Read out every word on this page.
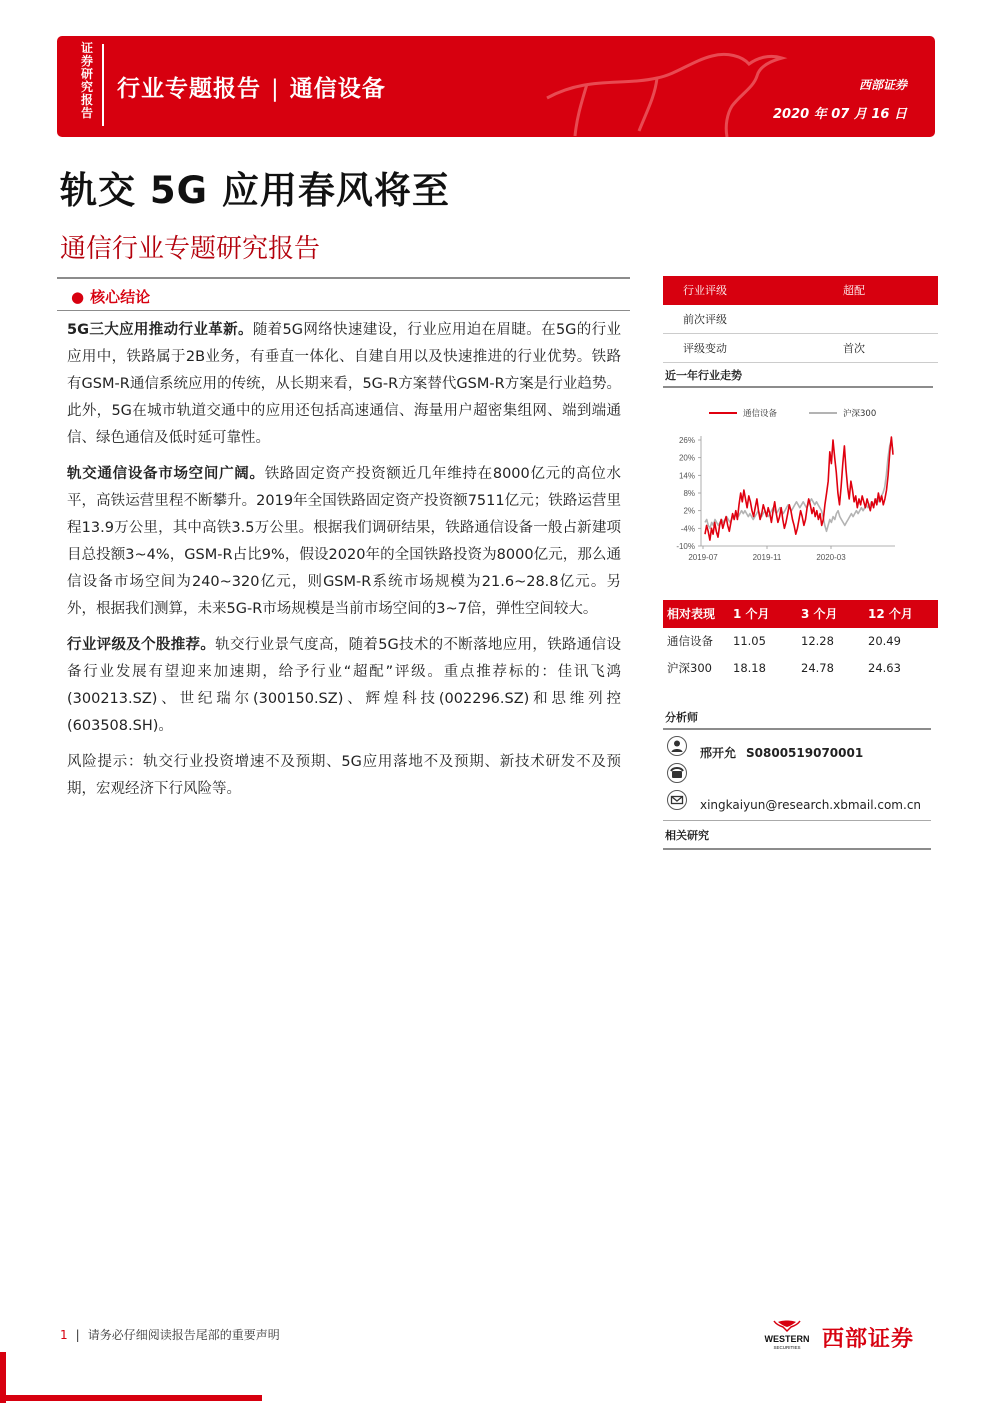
证券研究报告
行业专题报告 | 通信设备	西部证券
2020 年 07 月 16 日
轨交 5G 应用春风将至
通信行业专题研究报告
● 核心结论

5G三大应用推动行业革新。随着5G网络快速建设，行业应用迫在眉睫。在5G的行业应用中，铁路属于2B业务，有垂直一体化、自建自用以及快速推进的行业优势。铁路有GSM-R通信系统应用的传统，从长期来看，5G-R方案替代GSM-R方案是行业趋势。此外，5G在城市轨道交通中的应用还包括高速通信、海量用户超密集组网、端到端通信、绿色通信及低时延可靠性。

轨交通信设备市场空间广阔。铁路固定资产投资额近几年维持在8000亿元的高位水平，高铁运营里程不断攀升。2019年全国铁路固定资产投资额7511亿元；铁路运营里程13.9万公里，其中高铁3.5万公里。根据我们调研结果，铁路通信设备一般占新建项目总投额3~4%，GSM-R占比9%，假设2020年的全国铁路投资为8000亿元，那么通信设备市场空间为240~320亿元，则GSM-R系统市场规模为21.6~28.8亿元。另外，根据我们测算，未来5G-R市场规模是当前市场空间的3~7倍，弹性空间较大。

行业评级及个股推荐。轨交行业景气度高，随着5G技术的不断落地应用，铁路通信设备行业发展有望迎来加速期，给予行业“超配”评级。重点推荐标的：佳讯飞鸿(300213.SZ)、世纪瑞尔(300150.SZ)、辉煌科技(002296.SZ)和思维列控 (603508.SH)。

风险提示：轨交行业投资增速不及预期、5G应用落地不及预期、新技术研发不及预期，宏观经济下行风险等。

行业评级	超配
前次评级
评级变动	首次
近一年行业走势
通信设备	沪深300
26%
20%
14%
8%
2%
-4%
-10%
2019-07	2019-11	2020-03
相对表现 1 个月	3 个月	12 个月
通信设备 11.05	12.28	20.49
沪深300 18.18	24.78	24.63
分析师
邢开允 S0800519070001
xingkaiyun@research.xbmail.com.cn
相关研究
1 | 请务必仔细阅读报告尾部的重要声明	WESTERN
SECURITIES 西部证券
